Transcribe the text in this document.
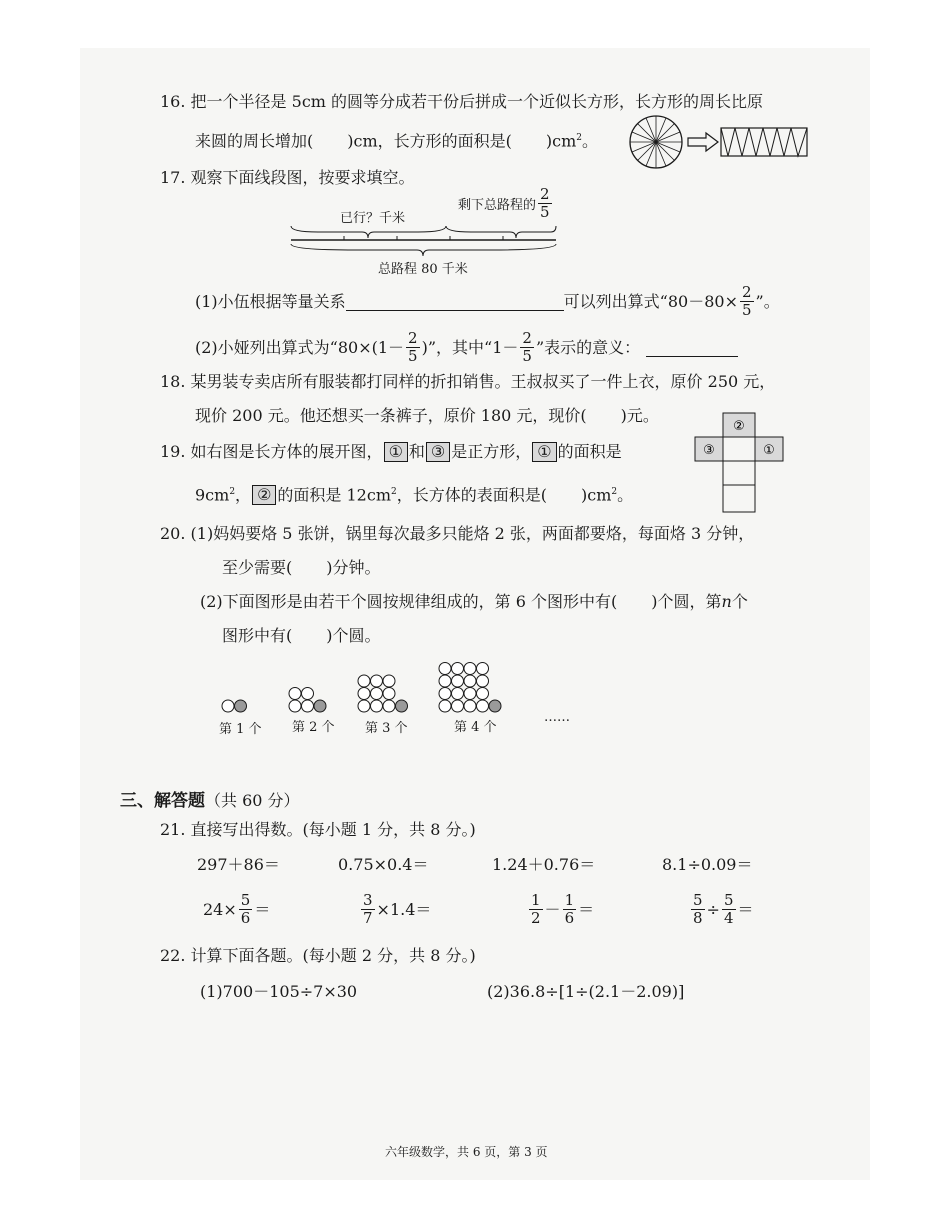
16. 把一个半径是 5cm 的圆等分成若干份后拼成一个近似长方形，长方形的周长比原
来圆的周长增加( )cm，长方形的面积是( )$cm^2$。
17. 观察下面线段图，按要求填空。
已行？千米
剩下总路程的 $\frac{2}{5}$
总路程 80 千米
(1)小伍根据等量关系	可以列出算式“$80-80\times \frac{2}{5}$ ”。
(2)小娅列出算式为“$80\times(1- \frac{2}{5}$ )”，其中“$1- \frac{2}{5}$ ”表示的意义：
18. 某男装专卖店所有服装都打同样的折扣销售。王叔叔买了一件上衣，原价 250 元，
现价 200 元。他还想买一条裤子，原价 180 元，现价( )元。
19. 如右图是长方体的展开图， ① 和 ③ 是正方形， ① 的面积是
$9cm^2$， ② 的面积是 $12cm^2$，长方体的表面积是( )$cm^2$。
②
③	①
20. (1)妈妈要烙 5 张饼，锅里每次最多只能烙 2 张，两面都要烙，每面烙 3 分钟，
至少需要( )分钟。
(2)下面图形是由若干个圆按规律组成的，第 6 个图形中有( )个圆，第n个
图形中有( )个圆。
第 1 个 第 2 个 第 3 个	第 4 个
……
三、解答题（共 60 分）
21. 直接写出得数。(每小题 1 分，共 8 分。)
297＋86＝	0.75×0.4＝	1.24＋0.76＝	8.1÷0.09＝
$24\times \frac{5}{6}$ ＝	$\frac{3}{7} \times 1.4=$	$\frac{1}{2} - \frac{1}{6}$ ＝	$\frac{5}{8} \div \frac{5}{4}$ ＝
22. 计算下面各题。(每小题 2 分，共 8 分。)
(1)700－105÷7×30	(2)36.8÷[1÷(2.1－2.09)]
六年级数学，共 6 页，第 3 页
